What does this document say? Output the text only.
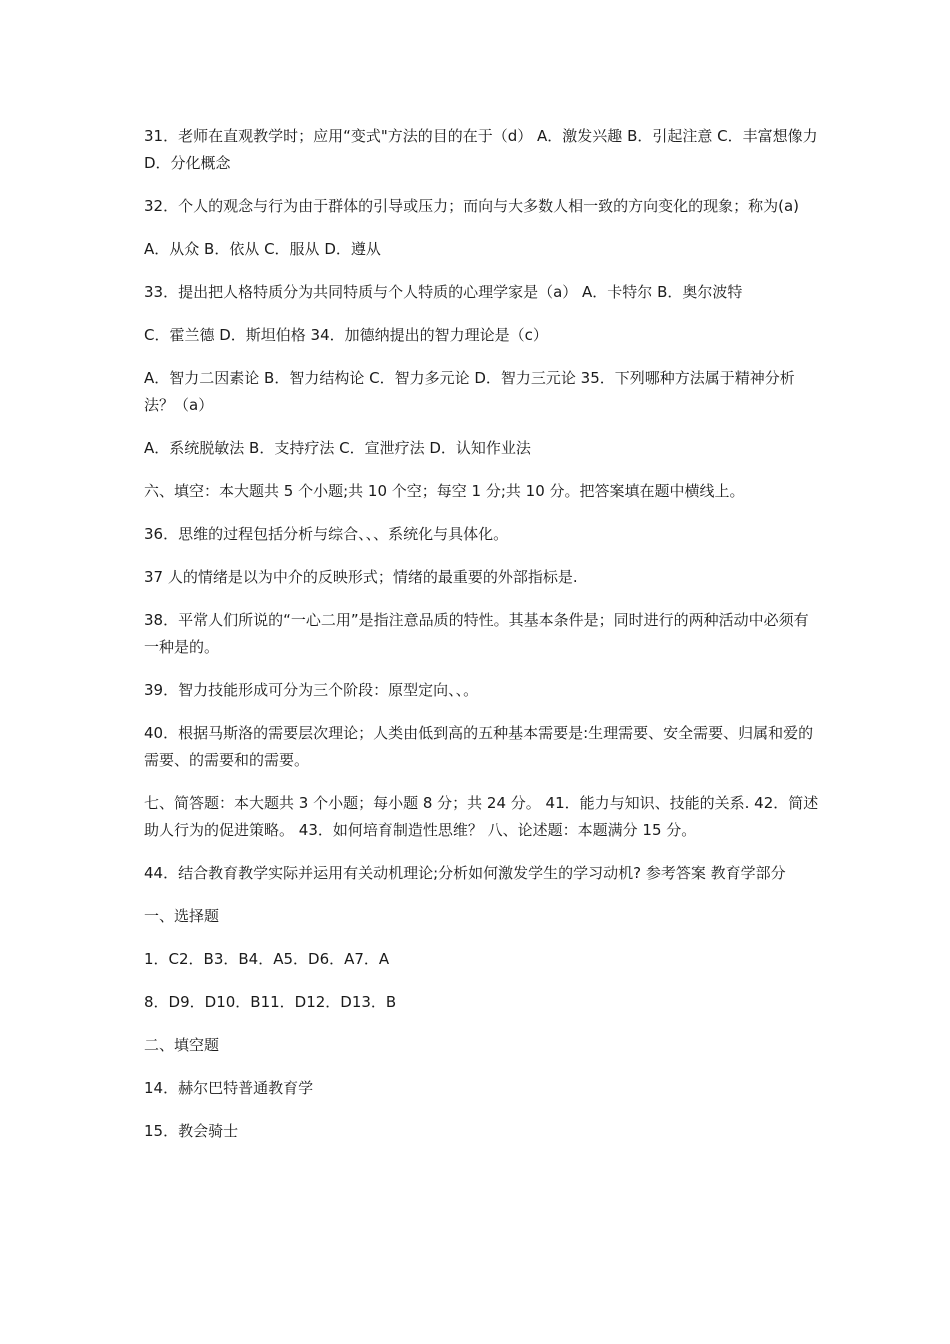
31．老师在直观教学时；应用“变式"方法的目的在于（d） A．激发兴趣 B．引起注意 C．丰富想像力 D．分化概念

32．个人的观念与行为由于群体的引导或压力；而向与大多数人相一致的方向变化的现象；称为(a)

A．从众 B．依从 C．服从 D．遵从

33．提出把人格特质分为共同特质与个人特质的心理学家是（a） A．卡特尔 B．奥尔波特

C．霍兰德 D．斯坦伯格 34．加德纳提出的智力理论是（c）

A．智力二因素论 B．智力结构论 C．智力多元论 D．智力三元论 35．下列哪种方法属于精神分析法？（a）

A．系统脱敏法 B．支持疗法 C．宣泄疗法 D．认知作业法

六、填空：本大题共 5 个小题;共 10 个空；每空 1 分;共 10 分。把答案填在题中横线上。

36．思维的过程包括分析与综合、、、系统化与具体化。

37 人的情绪是以为中介的反映形式；情绪的最重要的外部指标是.

38．平常人们所说的“一心二用”是指注意品质的特性。其基本条件是；同时进行的两种活动中必须有一种是的。

39．智力技能形成可分为三个阶段：原型定向、、。

40．根据马斯洛的需要层次理论；人类由低到高的五种基本需要是:生理需要、安全需要、归属和爱的需要、的需要和的需要。

七、简答题：本大题共 3 个小题；每小题 8 分；共 24 分。 41．能力与知识、技能的关系. 42．简述助人行为的促进策略。 43．如何培育制造性思维？ 八、论述题：本题满分 15 分。

44．结合教育教学实际并运用有关动机理论;分析如何激发学生的学习动机? 参考答案 教育学部分

一、选择题

1．C2．B3．B4．A5．D6．A7．A

8．D9．D10．B11．D12．D13．B

二、填空题

14．赫尔巴特普通教育学

15．教会骑士
